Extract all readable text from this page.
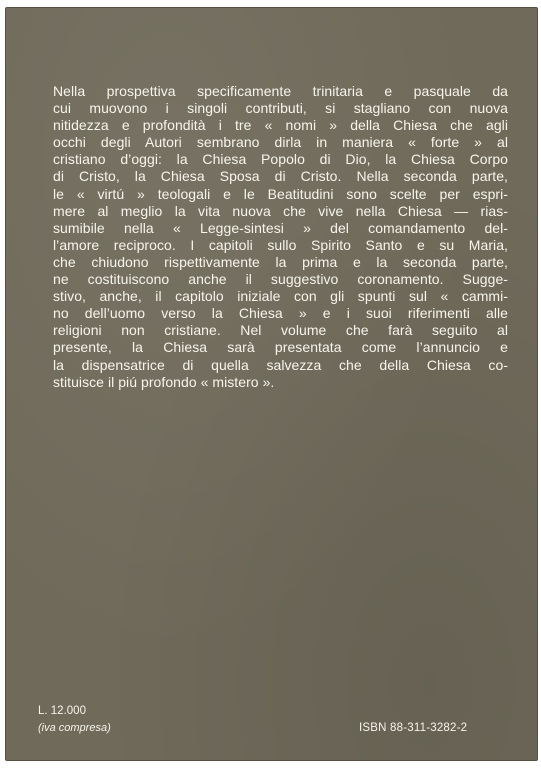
Nella prospettiva specificamente trinitaria e pasquale da
cui muovono i singoli contributi, si stagliano con nuova
nitidezza e profondità i tre « nomi » della Chiesa che agli
occhi degli Autori sembrano dirla in maniera « forte » al
cristiano d’oggi: la Chiesa Popolo di Dio, la Chiesa Corpo
di Cristo, la Chiesa Sposa di Cristo. Nella seconda parte,
le « virtú » teologali e le Beatitudini sono scelte per espri-
mere al meglio la vita nuova che vive nella Chiesa — rias-
sumibile nella « Legge-sintesi » del comandamento del-
l’amore reciproco. I capitoli sullo Spirito Santo e su Maria,
che chiudono rispettivamente la prima e la seconda parte,
ne costituiscono anche il suggestivo coronamento. Sugge-
stivo, anche, il capitolo iniziale con gli spunti sul « cammi-
no dell’uomo verso la Chiesa » e i suoi riferimenti alle
religioni non cristiane. Nel volume che farà seguito al
presente, la Chiesa sarà presentata come l’annuncio e
la dispensatrice di quella salvezza che della Chiesa co-
stituisce il piú profondo « mistero ».

L. 12.000
(iva compresa)	ISBN 88-311-3282-2
